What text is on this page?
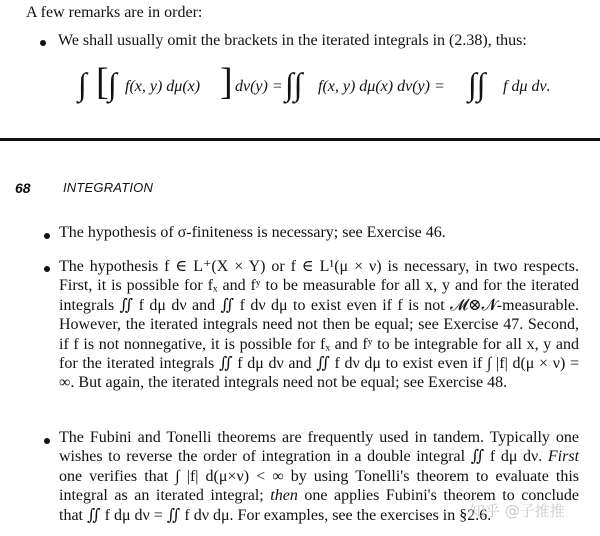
A few remarks are in order:
We shall usually omit the brackets in the iterated integrals in (2.38), thus:
∫ [ ∫ f(x, y) dμ(x) ] dν(y) = ∫∫ f(x, y) dμ(x) dν(y) = ∫∫ f dμ dν.
68 INTEGRATION
The hypothesis of σ-finiteness is necessary; see Exercise 46.
The hypothesis f ∈ L⁺(X × Y) or f ∈ L¹(μ × ν) is necessary, in two respects. First, it is possible for fₓ and fʸ to be measurable for all x, y and for the iterated integrals ∬ f dμ dν and ∬ f dν dμ to exist even if f is not 𝓜⊗𝓝-measurable. However, the iterated integrals need not then be equal; see Exercise 47. Second, if f is not nonnegative, it is possible for fₓ and fʸ to be integrable for all x, y and for the iterated integrals ∬ f dμ dν and ∬ f dν dμ to exist even if ∫ |f| d(μ × ν) = ∞. But again, the iterated integrals need not be equal; see Exercise 48.
The Fubini and Tonelli theorems are frequently used in tandem. Typically one wishes to reverse the order of integration in a double integral ∬ f dμ dν. First one verifies that ∫ |f| d(μ×ν) < ∞ by using Tonelli's theorem to evaluate this integral as an iterated integral; then one applies Fubini's theorem to conclude that ∬ f dμ dν = ∬ f dν dμ. For examples, see the exercises in §2.6.
知乎 @子推推
